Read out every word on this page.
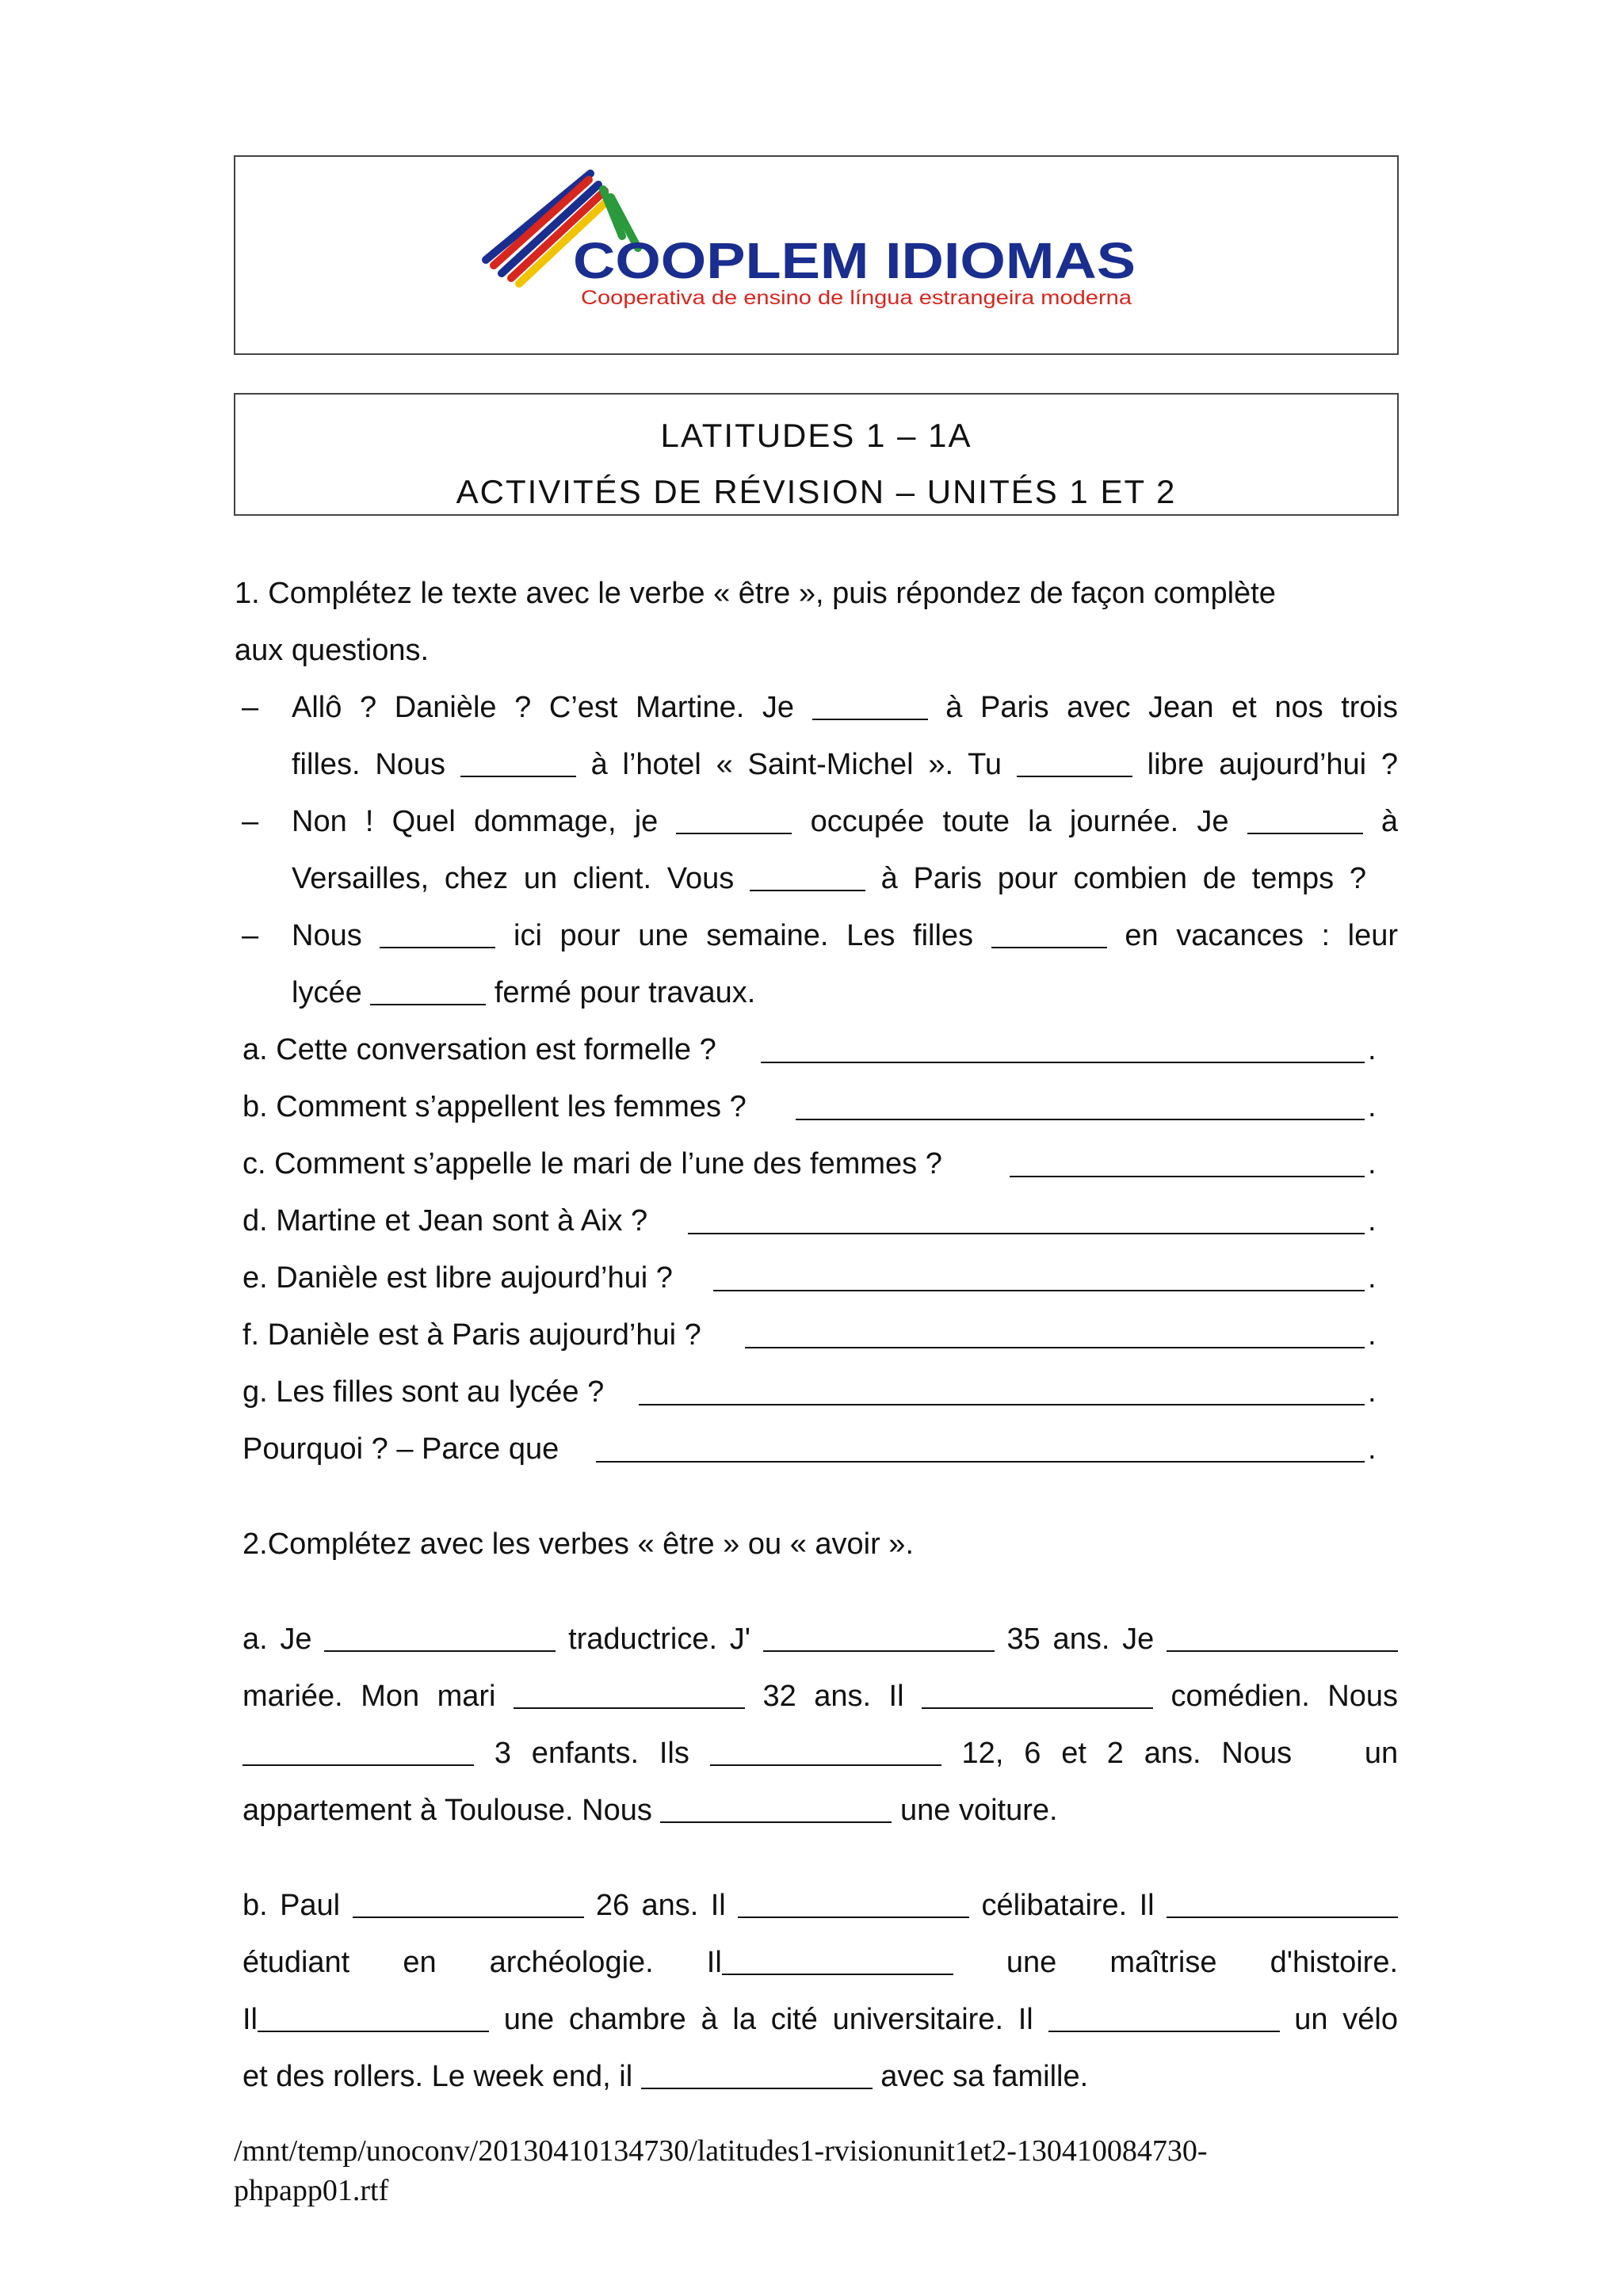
COOPLEM IDIOMAS
Cooperativa de ensino de língua estrangeira moderna
LATITUDES 1 – 1A
ACTIVITÉS DE RÉVISION – UNITÉS 1 ET 2
1. Complétez le texte avec le verbe « être », puis répondez de façon complète
aux questions.
– Allô ? Danièle ? C’est Martine. Je	à Paris avec Jean et nos trois
filles. Nous	à l’hotel « Saint-Michel ». Tu	libre aujourd’hui ?
– Non ! Quel dommage, je	occupée toute la journée. Je	à
Versailles, chez un client. Vous	à Paris pour combien de temps ?
– Nous	ici pour une semaine. Les filles	en vacances : leur
lycée	fermé pour travaux.
a. Cette conversation est formelle ?	.
b. Comment s’appellent les femmes ?	.
c. Comment s’appelle le mari de l’une des femmes ?	.
d. Martine et Jean sont à Aix ?	.
e. Danièle est libre aujourd’hui ?	.
f. Danièle est à Paris aujourd’hui ?	.
g. Les filles sont au lycée ?	.
Pourquoi ? – Parce que	.
2.Complétez avec les verbes « être » ou « avoir ».
a. Je	traductrice. J'	35 ans. Je
mariée. Mon mari	32 ans. Il	comédien. Nous
3 enfants. Ils	12, 6 et 2 ans. Nous un
appartement à Toulouse. Nous	une voiture.
b. Paul	26 ans. Il	célibataire. Il
étudiant en archéologie. Il	une maîtrise d'histoire.
Il	une chambre à la cité universitaire. Il	un vélo
et des rollers. Le week end, il	avec sa famille.
/mnt/temp/unoconv/20130410134730/latitudes1-rvisionunit1et2-130410084730-
phpapp01.rtf
